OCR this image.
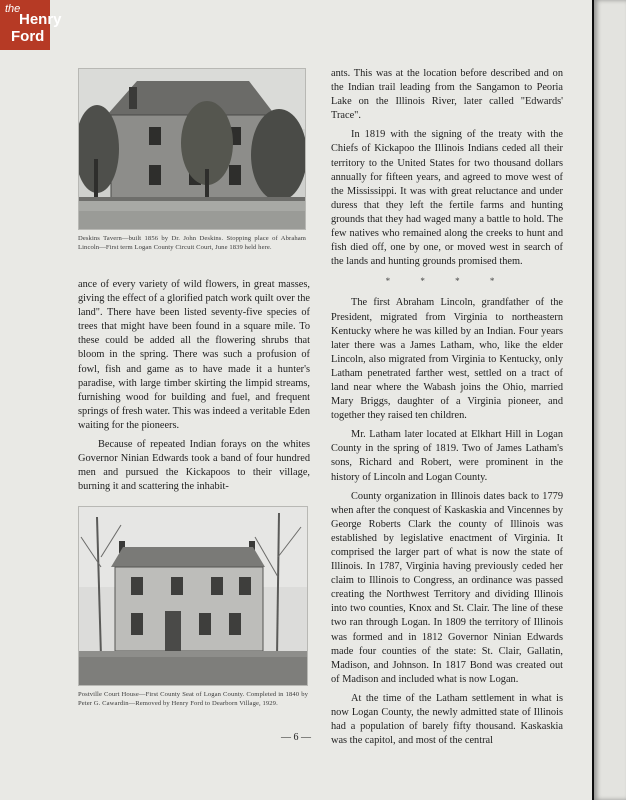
the
Henry
Ford
Deskins Tavern—built 1856 by Dr. John Deskins. Stopping place of Abraham Lincoln—First term Logan County Circuit Court, June 1839 held here.

ance of every variety of wild flowers, in great masses, giving the effect of a glorified patch work quilt over the land". There have been listed seventy-five species of trees that might have been found in a square mile. To these could be added all the flowering shrubs that bloom in the spring. There was such a profusion of fowl, fish and game as to have made it a hunter's paradise, with large timber skirting the limpid streams, furnishing wood for building and fuel, and frequent springs of fresh water. This was indeed a veritable Eden waiting for the pioneers.

Because of repeated Indian forays on the whites Governor Ninian Edwards took a band of four hundred men and pursued the Kickapoos to their village, burning it and scattering the inhabit-

Postville Court House—First County Seat of Logan County. Completed in 1840 by Peter G. Cawardin—Removed by Henry Ford to Dearborn Village, 1929.

ants. This was at the location before described and on the Indian trail leading from the Sangamon to Peoria Lake on the Illinois River, later called "Edwards' Trace".

In 1819 with the signing of the treaty with the Chiefs of Kickapoo the Illinois Indians ceded all their territory to the United States for two thousand dollars annually for fifteen years, and agreed to move west of the Mississippi. It was with great reluctance and under duress that they left the fertile farms and hunting grounds that they had waged many a battle to hold. The few natives who remained along the creeks to hunt and fish died off, one by one, or moved west in search of the lands and hunting grounds promised them.

* * * *

The first Abraham Lincoln, grandfather of the President, migrated from Virginia to northeastern Kentucky where he was killed by an Indian. Four years later there was a James Latham, who, like the elder Lincoln, also migrated from Virginia to Kentucky, only Latham penetrated farther west, settled on a tract of land near where the Wabash joins the Ohio, married Mary Briggs, daughter of a Virginia pioneer, and together they raised ten children.

Mr. Latham later located at Elkhart Hill in Logan County in the spring of 1819. Two of James Latham's sons, Richard and Robert, were prominent in the history of Lincoln and Logan County.

County organization in Illinois dates back to 1779 when after the conquest of Kaskaskia and Vincennes by George Roberts Clark the county of Illinois was established by legislative enactment of Virginia. It comprised the larger part of what is now the state of Illinois. In 1787, Virginia having previously ceded her claim to Illinois to Congress, an ordinance was passed creating the Northwest Territory and dividing Illinois into two counties, Knox and St. Clair. The line of these two ran through Logan. In 1809 the territory of Illinois was formed and in 1812 Governor Ninian Edwards made four counties of the state: St. Clair, Gallatin, Madison, and Johnson. In 1817 Bond was created out of Madison and included what is now Logan.

At the time of the Latham settlement in what is now Logan County, the newly admitted state of Illinois had a population of barely fifty thousand. Kaskaskia was the capitol, and most of the central

— 6 —
